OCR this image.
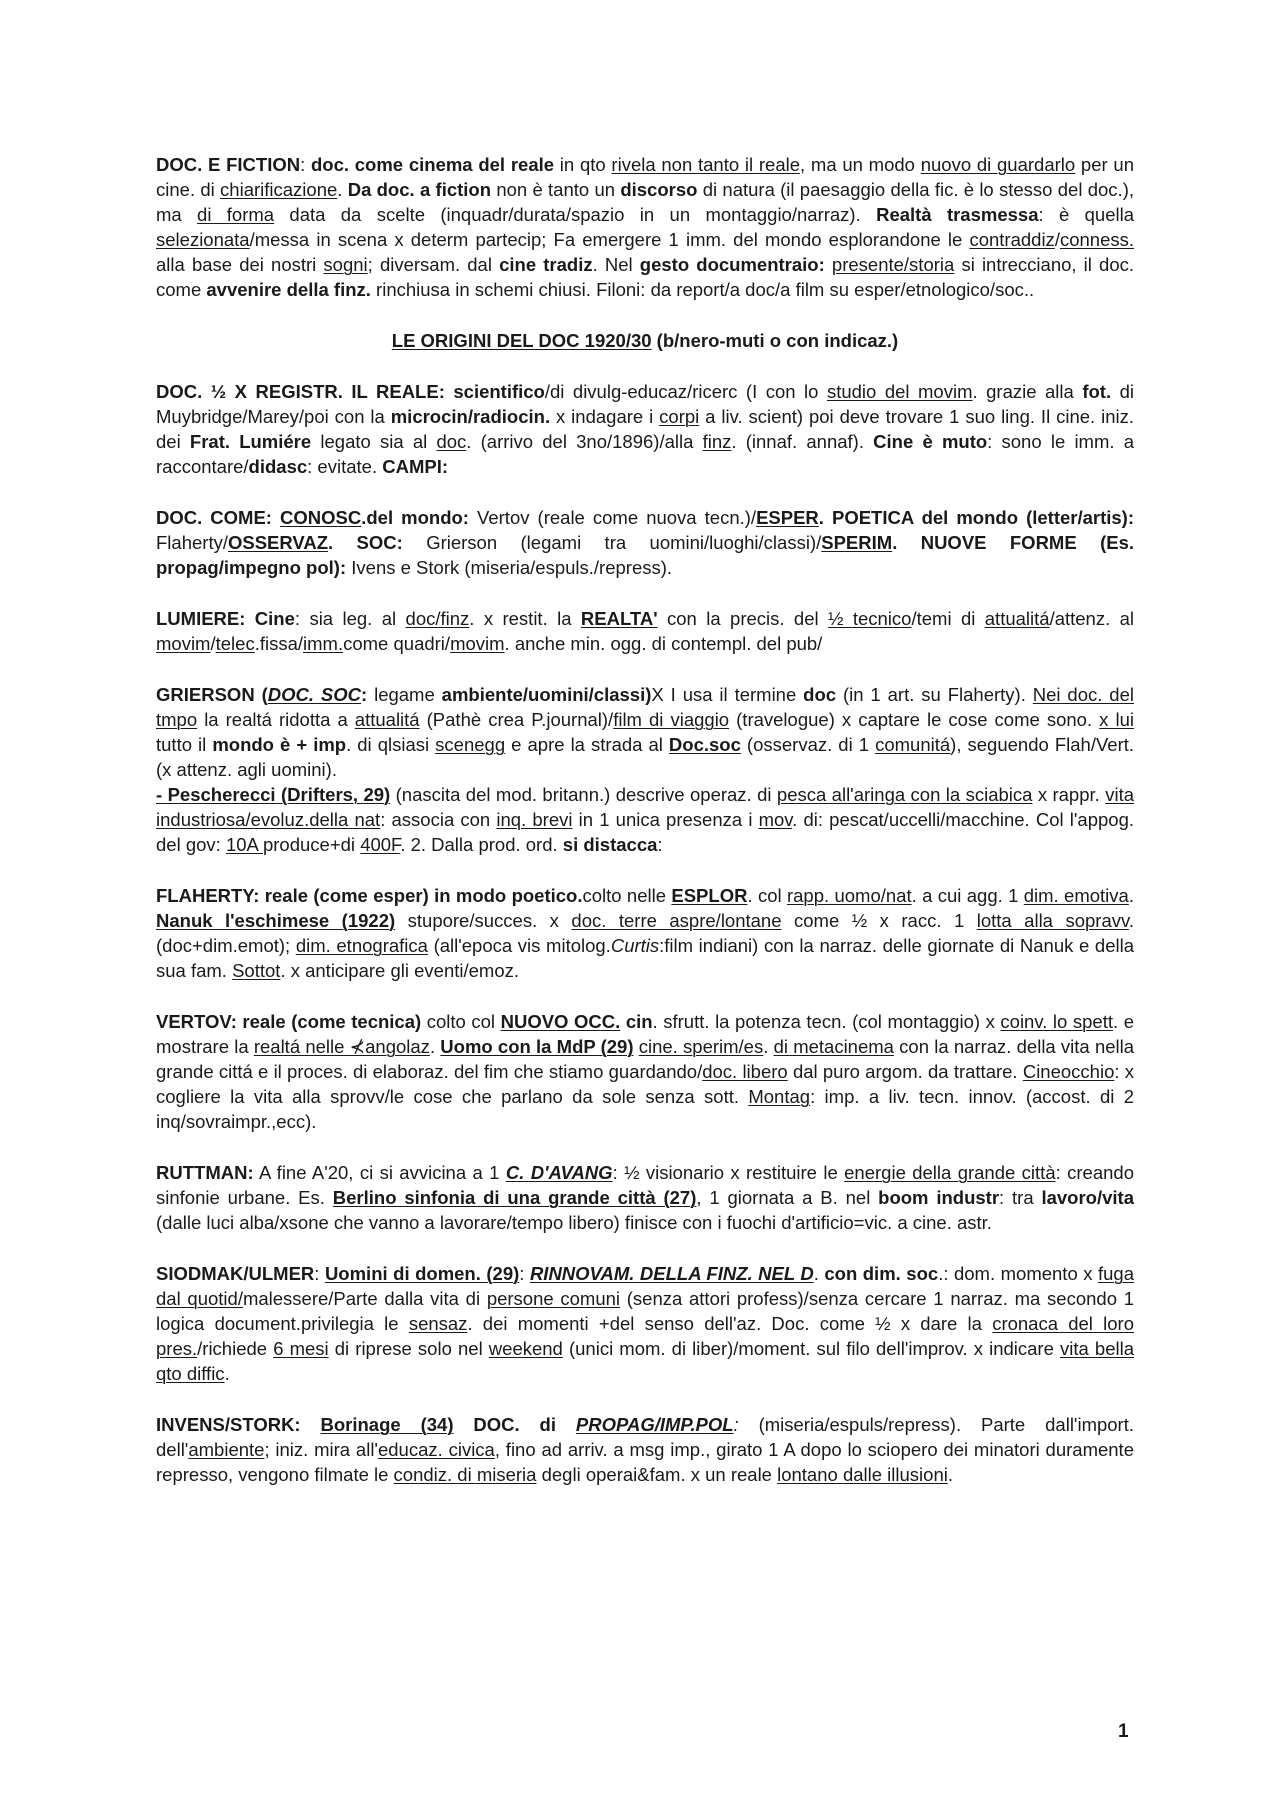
DOC. E FICTION: doc. come cinema del reale in qto rivela non tanto il reale, ma un modo nuovo di guardarlo per un cine. di chiarificazione. Da doc. a fiction non è tanto un discorso di natura (il paesaggio della fic. è lo stesso del doc.), ma di forma data da scelte (inquadr/durata/spazio in un montaggio/narraz). Realtà trasmessa: è quella selezionata/messa in scena x determ partecip; Fa emergere 1 imm. del mondo esplorandone le contraddiz/conness. alla base dei nostri sogni; diversam. dal cine tradiz. Nel gesto documentraio: presente/storia si intrecciano, il doc. come avvenire della finz. rinchiusa in schemi chiusi. Filoni: da report/a doc/a film su esper/etnologico/soc..

LE ORIGINI DEL DOC 1920/30 (b/nero-muti o con indicaz.)

DOC. ½ X REGISTR. IL REALE: scientifico/di divulg-educaz/ricerc (I con lo studio del movim. grazie alla fot. di Muybridge/Marey/poi con la microcin/radiocin. x indagare i corpi a liv. scient) poi deve trovare 1 suo ling. Il cine. iniz. dei Frat. Lumiére legato sia al doc. (arrivo del 3no/1896)/alla finz. (innaf. annaf). Cine è muto: sono le imm. a raccontare/didasc: evitate. CAMPI:

DOC. COME: CONOSC.del mondo: Vertov (reale come nuova tecn.)/ESPER. POETICA del mondo (letter/artis): Flaherty/OSSERVAZ. SOC: Grierson (legami tra uomini/luoghi/classi)/SPERIM. NUOVE FORME (Es. propag/impegno pol): Ivens e Stork (miseria/espuls./repress).

LUMIERE: Cine: sia leg. al doc/finz. x restit. la REALTA' con la precis. del ½ tecnico/temi di attualitá/attenz. al movim/telec.fissa/imm.come quadri/movim. anche min. ogg. di contempl. del pub/

GRIERSON (DOC. SOC: legame ambiente/uomini/classi)X I usa il termine doc (in 1 art. su Flaherty). Nei doc. del tmpo la realtá ridotta a attualitá (Pathè crea P.journal)/film di viaggio (travelogue) x captare le cose come sono. x lui tutto il mondo è + imp. di qlsiasi scenegg e apre la strada al Doc.soc (osservaz. di 1 comunitá), seguendo Flah/Vert. (x attenz. agli uomini).
- Pescherecci (Drifters, 29) (nascita del mod. britann.) descrive operaz. di pesca all'aringa con la sciabica x rappr. vita industriosa/evoluz.della nat: associa con inq. brevi in 1 unica presenza i mov. di: pescat/uccelli/macchine. Col l'appog. del gov: 10A produce+di 400F. 2. Dalla prod. ord. si distacca:

FLAHERTY: reale (come esper) in modo poetico.colto nelle ESPLOR. col rapp. uomo/nat. a cui agg. 1 dim. emotiva. Nanuk l'eschimese (1922) stupore/succes. x doc. terre aspre/lontane come ½ x racc. 1 lotta alla sopravv. (doc+dim.emot); dim. etnografica (all'epoca vis mitolog.Curtis:film indiani) con la narraz. delle giornate di Nanuk e della sua fam. Sottot. x anticipare gli eventi/emoz.

VERTOV: reale (come tecnica) colto col NUOVO OCC. cin. sfrutt. la potenza tecn. (col montaggio) x coinv. lo spett. e mostrare la realtá nelle ⊀angolaz. Uomo con la MdP (29) cine. sperim/es. di metacinema con la narraz. della vita nella grande cittá e il proces. di elaboraz. del fim che stiamo guardando/doc. libero dal puro argom. da trattare. Cineocchio: x cogliere la vita alla sprovv/le cose che parlano da sole senza sott. Montag: imp. a liv. tecn. innov. (accost. di 2 inq/sovraimpr.,ecc).

RUTTMAN: A fine A'20, ci si avvicina a 1 C. D'AVANG: ½ visionario x restituire le energie della grande città: creando sinfonie urbane. Es. Berlino sinfonia di una grande città (27), 1 giornata a B. nel boom industr: tra lavoro/vita (dalle luci alba/xsone che vanno a lavorare/tempo libero) finisce con i fuochi d'artificio=vic. a cine. astr.

SIODMAK/ULMER: Uomini di domen. (29): RINNOVAM. DELLA FINZ. NEL D. con dim. soc.: dom. momento x fuga dal quotid/malessere/Parte dalla vita di persone comuni (senza attori profess)/senza cercare 1 narraz. ma secondo 1 logica document.privilegia le sensaz. dei momenti +del senso dell'az. Doc. come ½ x dare la cronaca del loro pres./richiede 6 mesi di riprese solo nel weekend (unici mom. di liber)/moment. sul filo dell'improv. x indicare vita bella qto diffic.

INVENS/STORK: Borinage (34) DOC. di PROPAG/IMP.POL: (miseria/espuls/repress). Parte dall'import. dell'ambiente; iniz. mira all'educaz. civica, fino ad arriv. a msg imp., girato 1 A dopo lo sciopero dei minatori duramente represso, vengono filmate le condiz. di miseria degli operai&fam. x un reale lontano dalle illusioni.

1
